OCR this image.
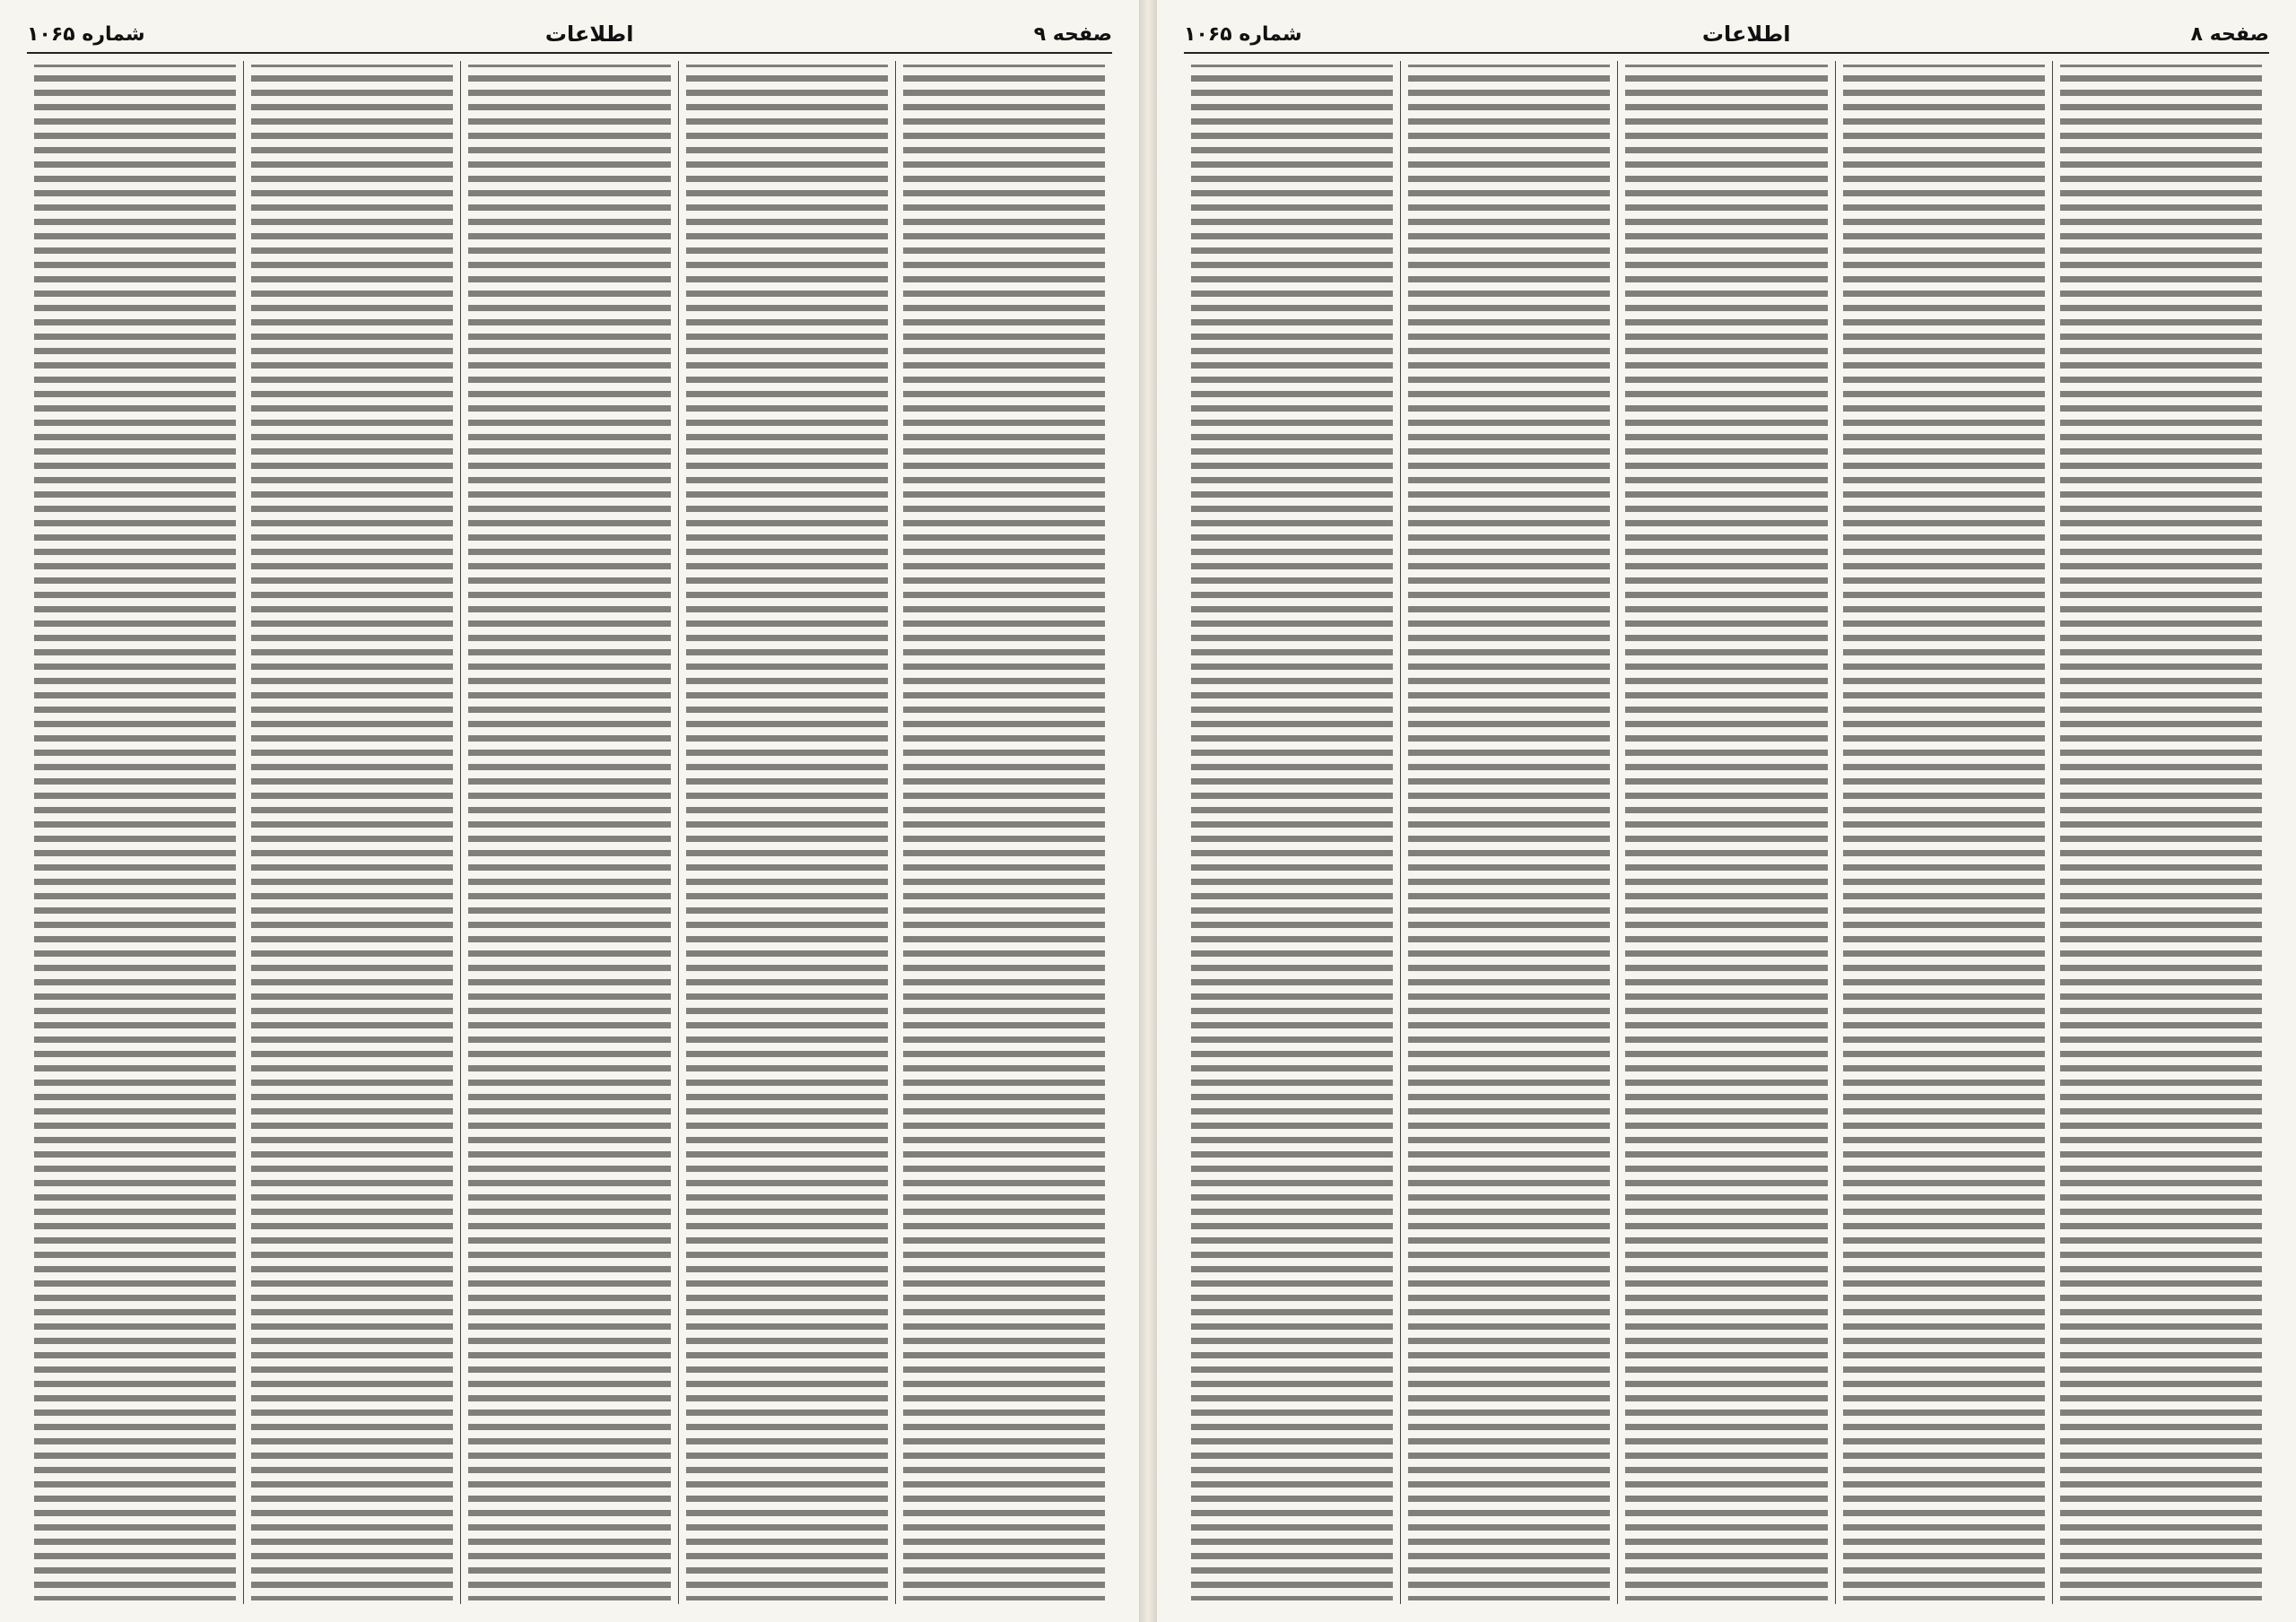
صفحه ۹
اطلاعات
شماره ۱۰۶۵	صفحه ۸
اطلاعات
شماره ۱۰۶۵
